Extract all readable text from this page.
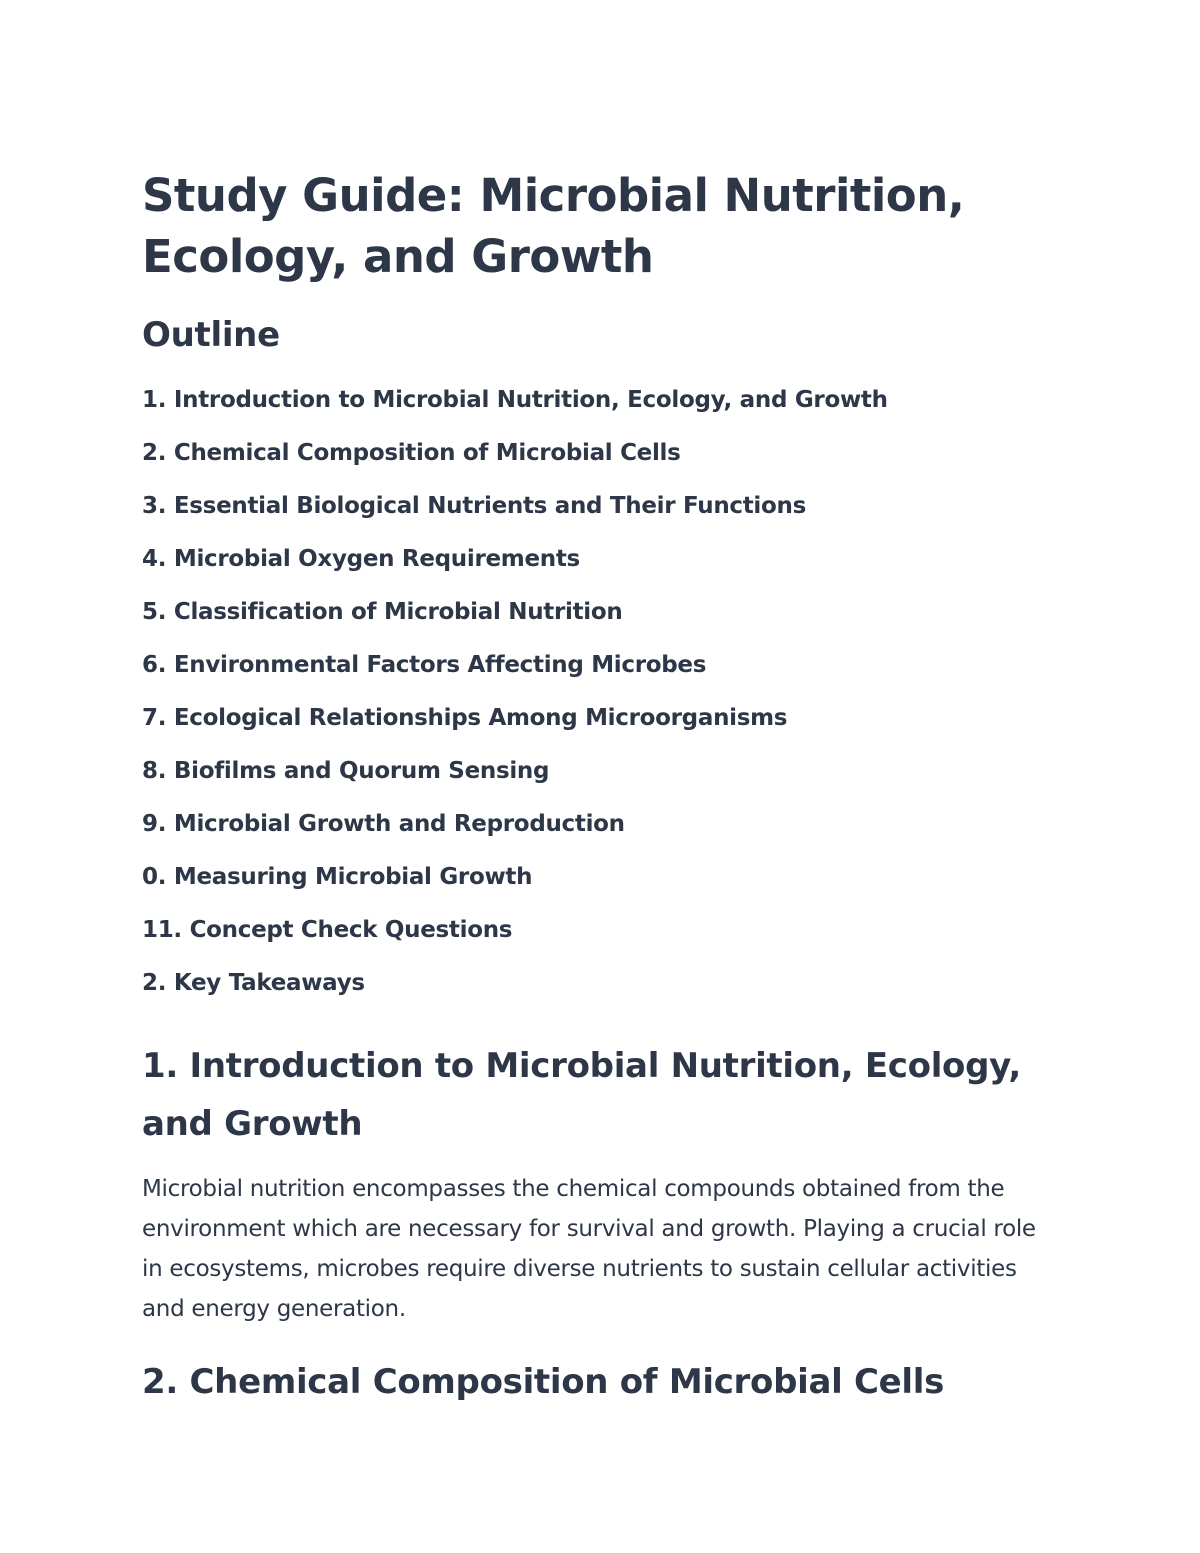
Study Guide: Microbial Nutrition, Ecology, and Growth
Outline
1. Introduction to Microbial Nutrition, Ecology, and Growth
2. Chemical Composition of Microbial Cells
3. Essential Biological Nutrients and Their Functions
4. Microbial Oxygen Requirements
5. Classification of Microbial Nutrition
6. Environmental Factors Affecting Microbes
7. Ecological Relationships Among Microorganisms
8. Biofilms and Quorum Sensing
9. Microbial Growth and Reproduction
0. Measuring Microbial Growth
11. Concept Check Questions
2. Key Takeaways
1. Introduction to Microbial Nutrition, Ecology, and Growth

Microbial nutrition encompasses the chemical compounds obtained from the environment which are necessary for survival and growth. Playing a crucial role in ecosystems, microbes require diverse nutrients to sustain cellular activities and energy generation.

2. Chemical Composition of Microbial Cells
